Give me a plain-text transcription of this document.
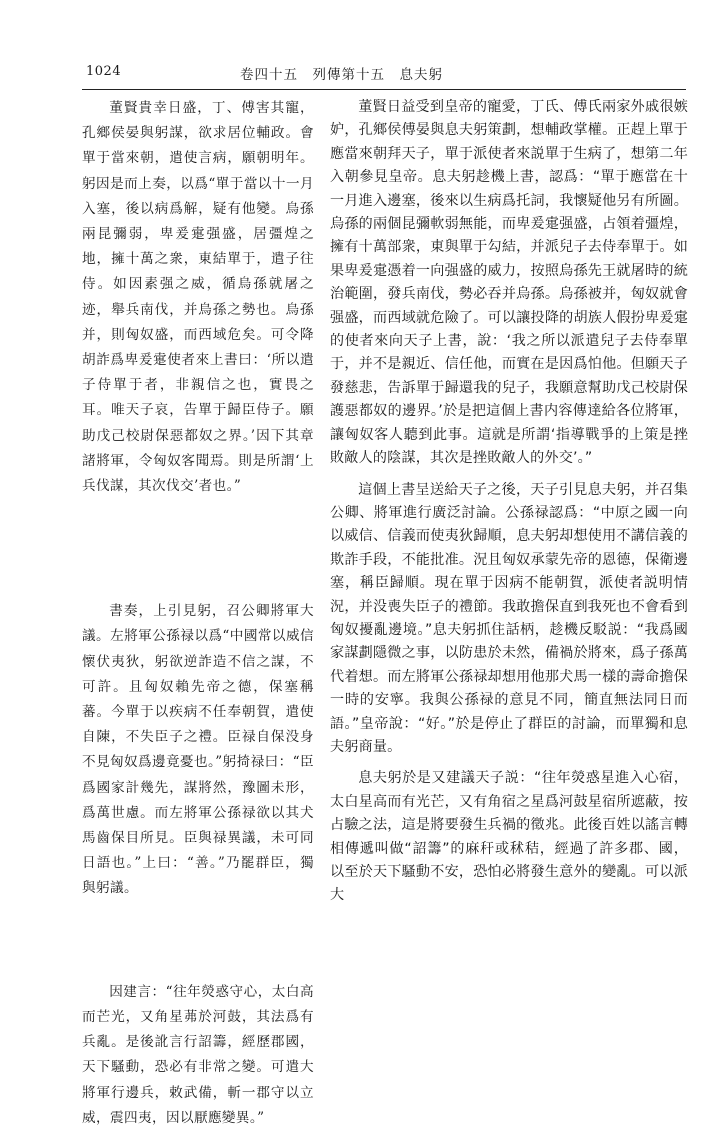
1024	卷四十五　列傳第十五　息夫躬

董賢貴幸日盛，丁、傅害其寵，孔鄉侯晏與躬謀，欲求居位輔政。會單于當來朝，遣使言病，願朝明年。躬因是而上奏，以爲“單于當以十一月入塞，後以病爲解，疑有他變。烏孫兩昆彌弱，卑爰疐强盛，居彊煌之地，擁十萬之衆，東結單于，遣子往侍。如因素强之威，循烏孫就屠之迹，舉兵南伐，并烏孫之勢也。烏孫并，則匈奴盛，而西域危矣。可令降胡詐爲卑爰疐使者來上書曰：‘所以遣子侍單于者，非親信之也，實畏之耳。唯天子哀，告單于歸臣侍子。願助戊己校尉保惡都奴之界。’因下其章諸將軍，令匈奴客聞焉。則是所謂‘上兵伐謀，其次伐交’者也。”

書奏，上引見躬，召公卿將軍大議。左將軍公孫禄以爲“中國常以威信懷伏夷狄，躬欲逆詐造不信之謀，不可許。且匈奴賴先帝之德，保塞稱蕃。今單于以疾病不任奉朝賀，遣使自陳，不失臣子之禮。臣禄自保没身不見匈奴爲邊竟憂也。”躬掎禄曰：“臣爲國家計幾先，謀將然，豫圖未形，爲萬世慮。而左將軍公孫禄欲以其犬馬齒保目所見。臣與禄異議，未可同日語也。”上曰：“善。”乃罷群臣，獨與躬議。

因建言：“往年熒惑守心，太白高而芒光，又角星茀於河鼓，其法爲有兵亂。是後訛言行詔籌，經歷郡國，天下騷動，恐必有非常之變。可遣大將軍行邊兵，敕武備，斬一郡守以立威，震四夷，因以厭應變異。”

董賢日益受到皇帝的寵愛，丁氏、傅氏兩家外戚很嫉妒，孔鄉侯傅晏與息夫躬策劃，想輔政掌權。正趕上單于應當來朝拜天子，單于派使者來説單于生病了，想第二年入朝參見皇帝。息夫躬趁機上書，認爲：“單于應當在十一月進入邊塞，後來以生病爲托詞，我懷疑他另有所圖。烏孫的兩個昆彌軟弱無能，而卑爰疐强盛，占領着彊煌，擁有十萬部衆，東與單于勾結，并派兒子去侍奉單于。如果卑爰疐憑着一向强盛的威力，按照烏孫先王就屠時的統治範圍，發兵南伐，勢必吞并烏孫。烏孫被并，匈奴就會强盛，而西域就危險了。可以讓投降的胡族人假扮卑爰疐的使者來向天子上書，說：‘我之所以派遣兒子去侍奉單于，并不是親近、信任他，而實在是因爲怕他。但願天子發慈悲，告訴單于歸還我的兒子，我願意幫助戊己校尉保護惡都奴的邊界。’於是把這個上書内容傳達給各位將軍，讓匈奴客人聽到此事。這就是所謂‘指導戰爭的上策是挫敗敵人的陰謀，其次是挫敗敵人的外交’。”

這個上書呈送給天子之後，天子引見息夫躬，并召集公卿、將軍進行廣泛討論。公孫禄認爲：“中原之國一向以威信、信義而使夷狄歸順，息夫躬却想使用不講信義的欺詐手段，不能批准。況且匈奴承蒙先帝的恩德，保衛邊塞，稱臣歸順。現在單于因病不能朝賀，派使者説明情況，并没喪失臣子的禮節。我敢擔保直到我死也不會看到匈奴擾亂邊境。”息夫躬抓住話柄，趁機反駁説：“我爲國家謀劃隱微之事，以防患於未然，備禍於將來，爲子孫萬代着想。而左將軍公孫禄却想用他那犬馬一樣的壽命擔保一時的安寧。我與公孫禄的意見不同，簡直無法同日而語。”皇帝說：“好。”於是停止了群臣的討論，而單獨和息夫躬商量。

息夫躬於是又建議天子説：“往年熒惑星進入心宿，太白星高而有光芒，又有角宿之星爲河鼓星宿所遮蔽，按占驗之法，這是將要發生兵禍的徵兆。此後百姓以謠言轉相傳遞叫做“詔籌”的麻秆或秫秸，經過了許多郡、國，以至於天下騷動不安，恐怕必將發生意外的變亂。可以派大
